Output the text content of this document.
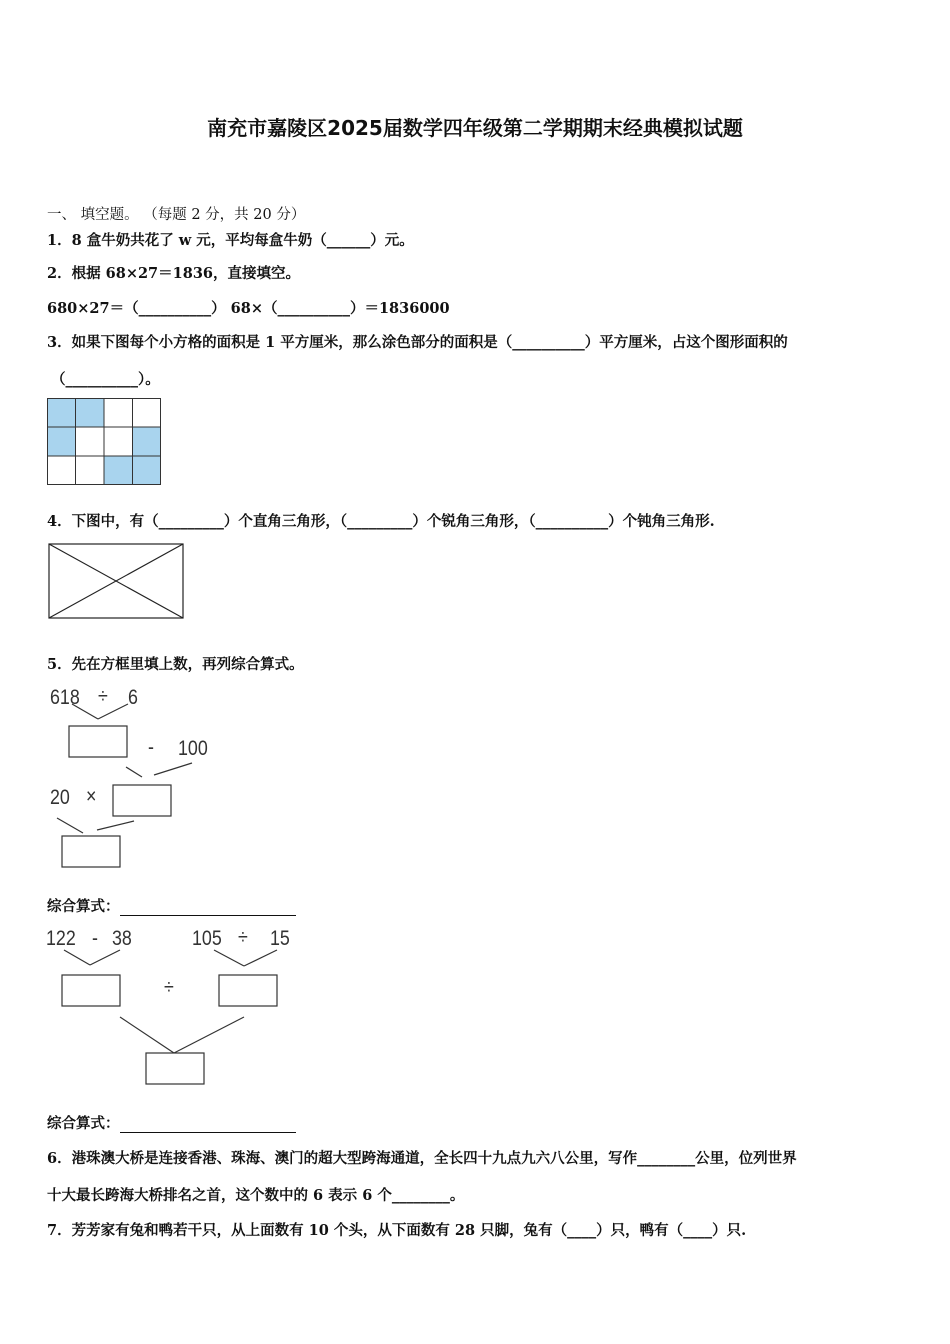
南充市嘉陵区2025届数学四年级第二学期期末经典模拟试题
一、 填空题。 （每题 2 分，共 20 分）
1．8 盒牛奶共花了 w 元，平均每盒牛奶（______）元。
2．根据 68×27＝1836，直接填空。
680×27＝（__________） 68×（__________）＝1836000
3．如果下图每个小方格的面积是 1 平方厘米，那么涂色部分的面积是（__________）平方厘米，占这个图形面积的
（__________）。
4．下图中，有（_________）个直角三角形，（_________）个锐角三角形，（__________）个钝角三角形.
5．先在方框里填上数，再列综合算式。
618 ÷ 6
- 100
20 ×
综合算式：
122 - 38	105 ÷ 15
÷
综合算式：
6．港珠澳大桥是连接香港、珠海、澳门的超大型跨海通道，全长四十九点九六八公里，写作________公里，位列世界
十大最长跨海大桥排名之首，这个数中的 6 表示 6 个________。
7．芳芳家有兔和鸭若干只，从上面数有 10 个头，从下面数有 28 只脚，兔有（____）只，鸭有（____）只.
